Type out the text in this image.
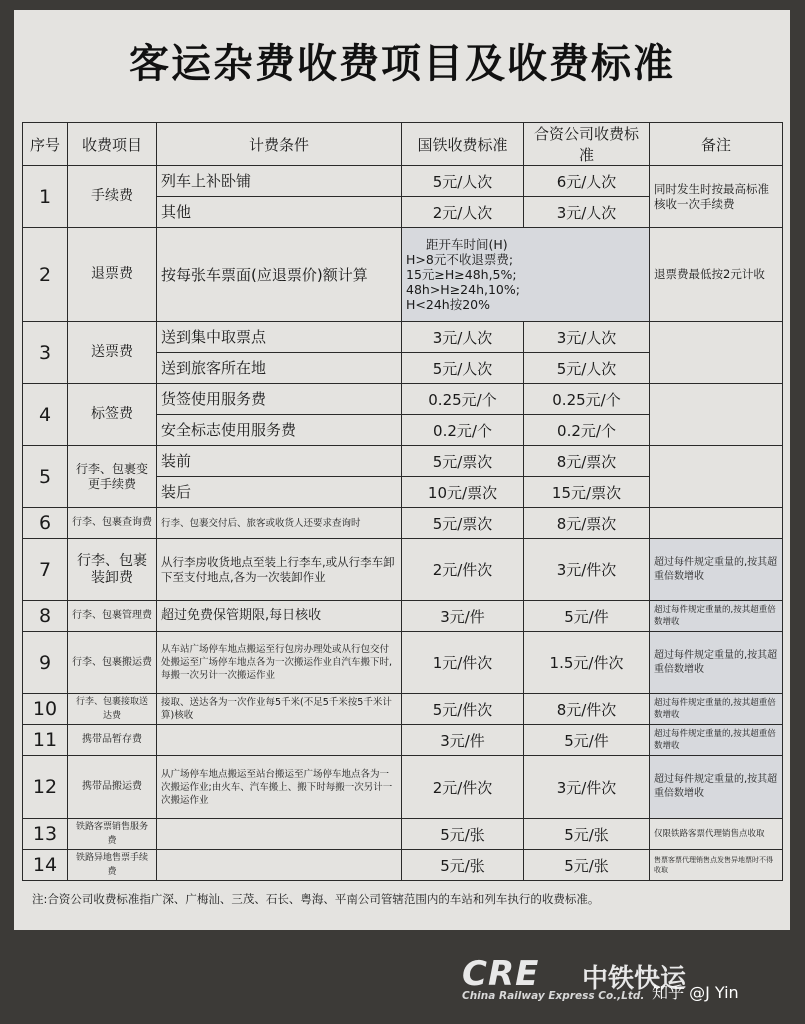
客运杂费收费项目及收费标准
序号	收费项目	计费条件	国铁收费标准	合资公司收费标准	备注
1	手续费	列车上补卧铺	5元/人次	6元/人次	同时发生时按最高标准核收一次手续费
		其他	2元/人次	3元/人次	
2	退票费	按每张车票面(应退票价)额计算	距开车时间(H)
H>8元不收退票费;
15元≥H≥48h,5%;
48h>H≥24h,10%;
H<24h按20%		退票费最低按2元计收
3	送票费	送到集中取票点	3元/人次	3元/人次	
		送到旅客所在地	5元/人次	5元/人次	
4	标签费	货签使用服务费	0.25元/个	0.25元/个	
		安全标志使用服务费	0.2元/个	0.2元/个	
5	行李、包裹变更手续费	装前	5元/票次	8元/票次	
		装后	10元/票次	15元/票次	
6	行李、包裹查询费	行李、包裹交付后、旅客或收货人还要求查询时	5元/票次	8元/票次	
7	行李、包裹装卸费	从行李房收货地点至装上行李车,或从行李车卸下至支付地点,各为一次装卸作业	2元/件次	3元/件次	超过每件规定重量的,按其超重倍数增收
8	行李、包裹管理费	超过免费保管期限,每日核收	3元/件	5元/件	超过每件规定重量的,按其超重倍数增收
9	行李、包裹搬运费	从车站广场停车地点搬运至行包房办理处或从行包交付处搬运至广场停车地点各为一次搬运作业自汽车搬下时,每搬一次另计一次搬运作业	1元/件次	1.5元/件次	超过每件规定重量的,按其超重倍数增收
10	行李、包裹接取送达费	接取、送达各为一次作业每5千米(不足5千米按5千米计算)核收	5元/件次	8元/件次	超过每件规定重量的,按其超重倍数增收
11	携带品暂存费		3元/件	5元/件	超过每件规定重量的,按其超重倍数增收
12	携带品搬运费	从广场停车地点搬运至站台搬运至广场停车地点各为一次搬运作业;由火车、汽车搬上、搬下时每搬一次另计一次搬运作业	2元/件次	3元/件次	超过每件规定重量的,按其超重倍数增收
13	铁路客票销售服务费		5元/张	5元/张	仅限铁路客票代理销售点收取
14	铁路异地售票手续费		5元/张	5元/张	售票客票代理销售点发售异地票时不得收取
注:合资公司收费标准指广深、广梅汕、三茂、石长、粤海、平南公司管辖范围内的车站和列车执行的收费标准。
CRE 中铁快运
China Railway Express Co.,Ltd. 知乎 @J Yin
